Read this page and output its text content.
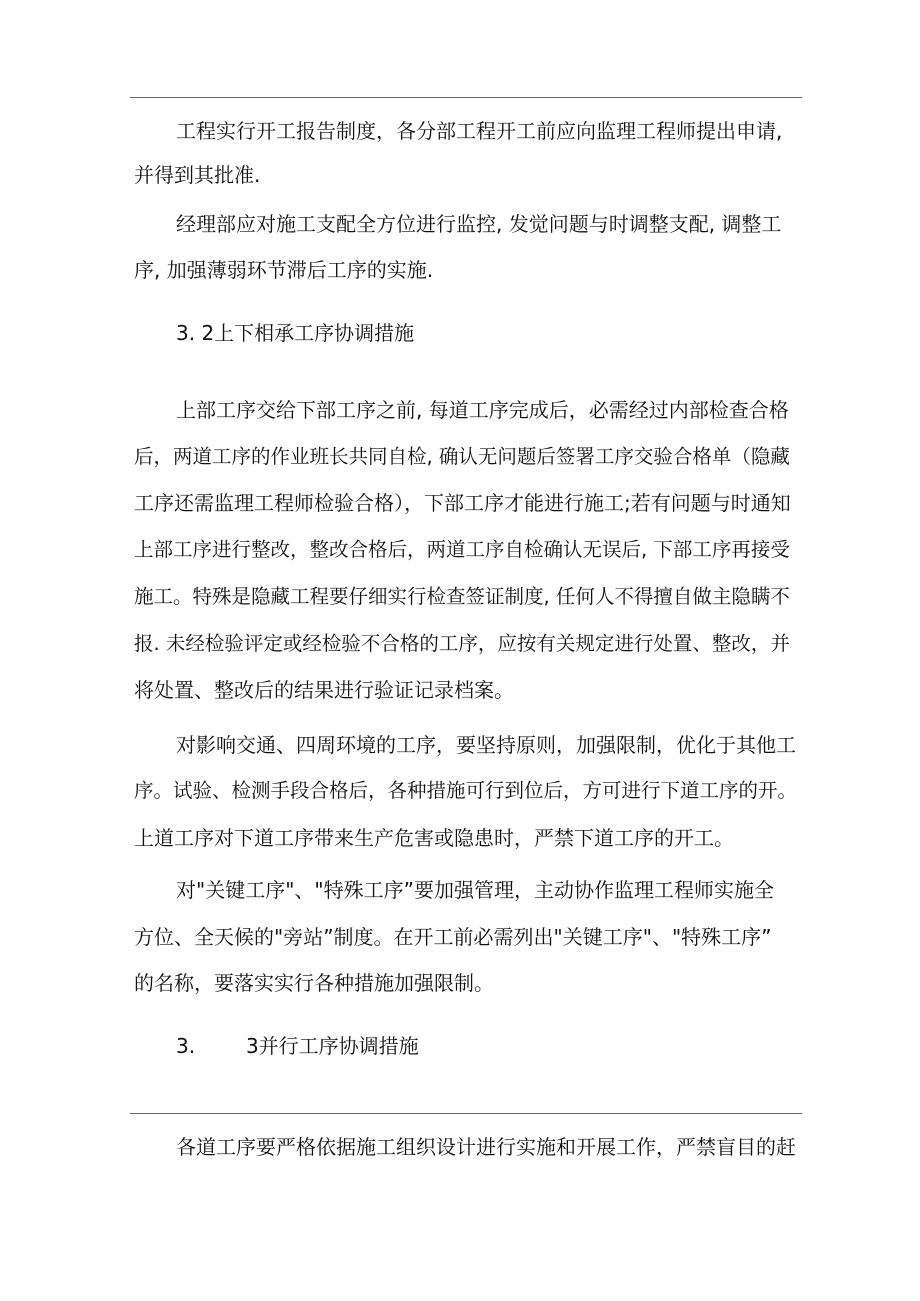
工程实行开工报告制度，各分部工程开工前应向监理工程师提出申请,
并得到其批准.
经理部应对施工支配全方位进行监控, 发觉问题与时调整支配, 调整工
序, 加强薄弱环节滞后工序的实施.
3. 2上下相承工序协调措施
上部工序交给下部工序之前, 每道工序完成后，必需经过内部检查合格
后，两道工序的作业班长共同自检, 确认无问题后签署工序交验合格单（隐藏
工序还需监理工程师检验合格），下部工序才能进行施工;若有问题与时通知
上部工序进行整改，整改合格后，两道工序自检确认无误后, 下部工序再接受
施工。特殊是隐藏工程要仔细实行检查签证制度, 任何人不得擅自做主隐瞒不
报. 未经检验评定或经检验不合格的工序，应按有关规定进行处置、整改，并
将处置、整改后的结果进行验证记录档案。
对影响交通、四周环境的工序，要坚持原则，加强限制，优化于其他工
序。试验、检测手段合格后，各种措施可行到位后，方可进行下道工序的开。
上道工序对下道工序带来生产危害或隐患时，严禁下道工序的开工。
对"关键工序"、"特殊工序”要加强管理，主动协作监理工程师实施全
方位、全天候的"旁站”制度。在开工前必需列出"关键工序"、"特殊工序”
的名称，要落实实行各种措施加强限制。
3.        3并行工序协调措施
各道工序要严格依据施工组织设计进行实施和开展工作，严禁盲目的赶
